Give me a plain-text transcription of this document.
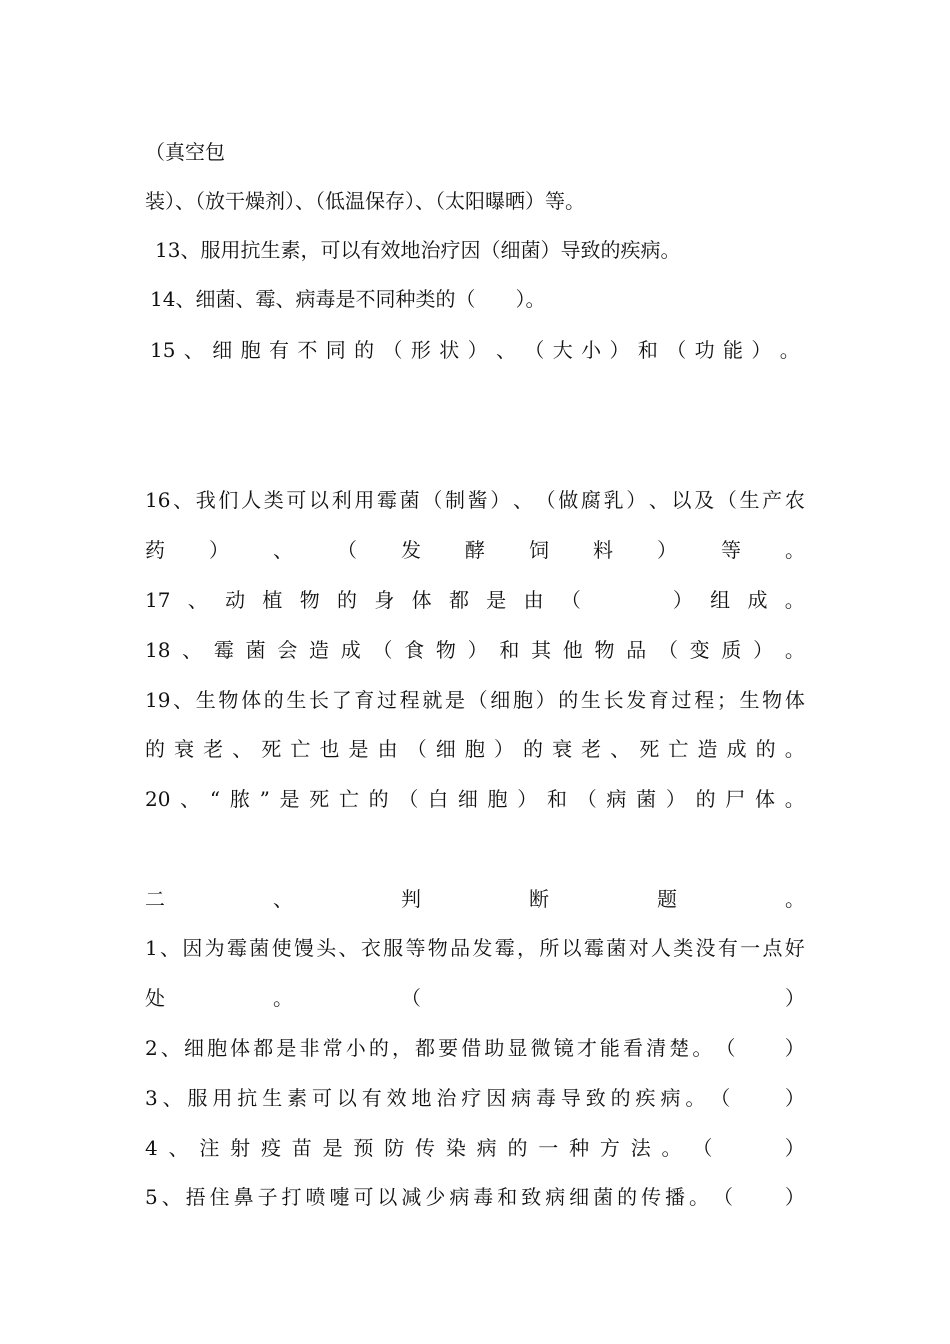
（真空包
装）、（放干燥剂）、（低温保存）、（太阳曝晒）等。
13、服用抗生素，可以有效地治疗因（细菌）导致的疾病。
14、细菌、霉、病毒是不同种类的（　　）。
15 、 细 胞 有 不 同 的 （ 形 状 ） 、 （ 大 小 ） 和 （ 功 能 ） 。
16 、 我 们 人 类 可 以 利 用 霉 菌 （ 制 酱 ） 、 （ 做 腐 乳 ） 、 以 及 （ 生 产 农
药 ） 、 （ 发 酵 饲 料 ） 等 。
17 、 动 植 物 的 身 体 都 是 由 （

　	） 组 成 。
18 、 霉 菌 会 造 成 （ 食 物 ） 和 其 他 物 品 （ 变 质 ） 。
19 、 生 物 体 的 生 长 了 育 过 程 就 是 （ 细 胞 ） 的 生 长 发 育 过 程 ； 生 物 体
的 衰 老 、 死 亡 也 是 由 （ 细 胞 ） 的 衰 老 、 死 亡 造 成 的 。
20 、 “ 脓 ” 是 死 亡 的 （ 白 细 胞 ） 和 （ 病 菌 ） 的 尸 体 。
二	、	判	断	题	。
1 、 因 为 霉 菌 使 馒 头 、 衣 服 等 物 品 发 霉 ， 所 以 霉 菌 对 人 类 没 有 一 点 好
处	。	（

　	）
2 、 细 胞 体 都 是 非 常 小 的 ， 都 要 借 助 显 微 镜 才 能 看 清 楚 。 （

　 ）
3 、 服 用 抗 生 素 可 以 有 效 地 治 疗 因 病 毒 导 致 的 疾 病 。 （

　	）
4 、 注 射 疫 苗 是 预 防 传 染 病 的 一 种 方 法 。 （

　	）
5 、 捂 住 鼻 子 打 喷 嚏 可 以 减 少 病 毒 和 致 病 细 菌 的 传 播 。 （

　	）
